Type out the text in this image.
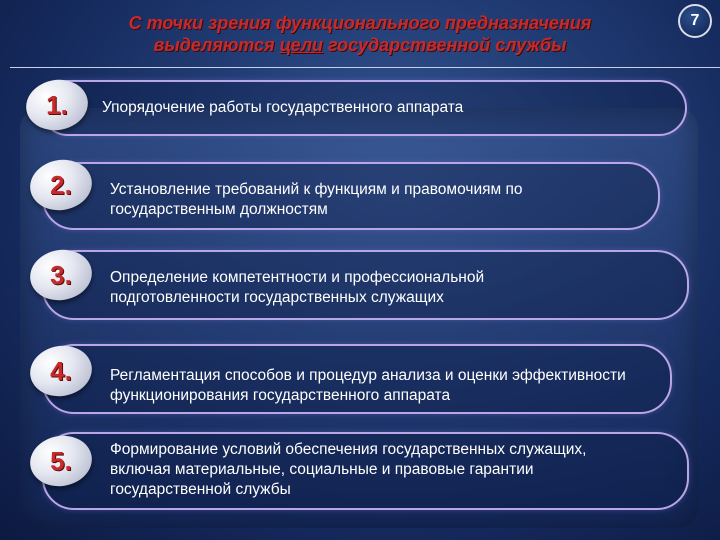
С точки зрения функционального предназначения
выделяются цели государственной службы
7
Упорядочение работы государственного аппарата
1.
Установление требований к функциям и правомочиям по государственным должностям
2.
Определение компетентности и профессиональной подготовленности государственных служащих
3.
Регламентация способов и процедур анализа и оценки эффективности функционирования государственного аппарата
4.
Формирование условий обеспечения государственных служащих, включая материальные, социальные и правовые гарантии государственной службы
5.
